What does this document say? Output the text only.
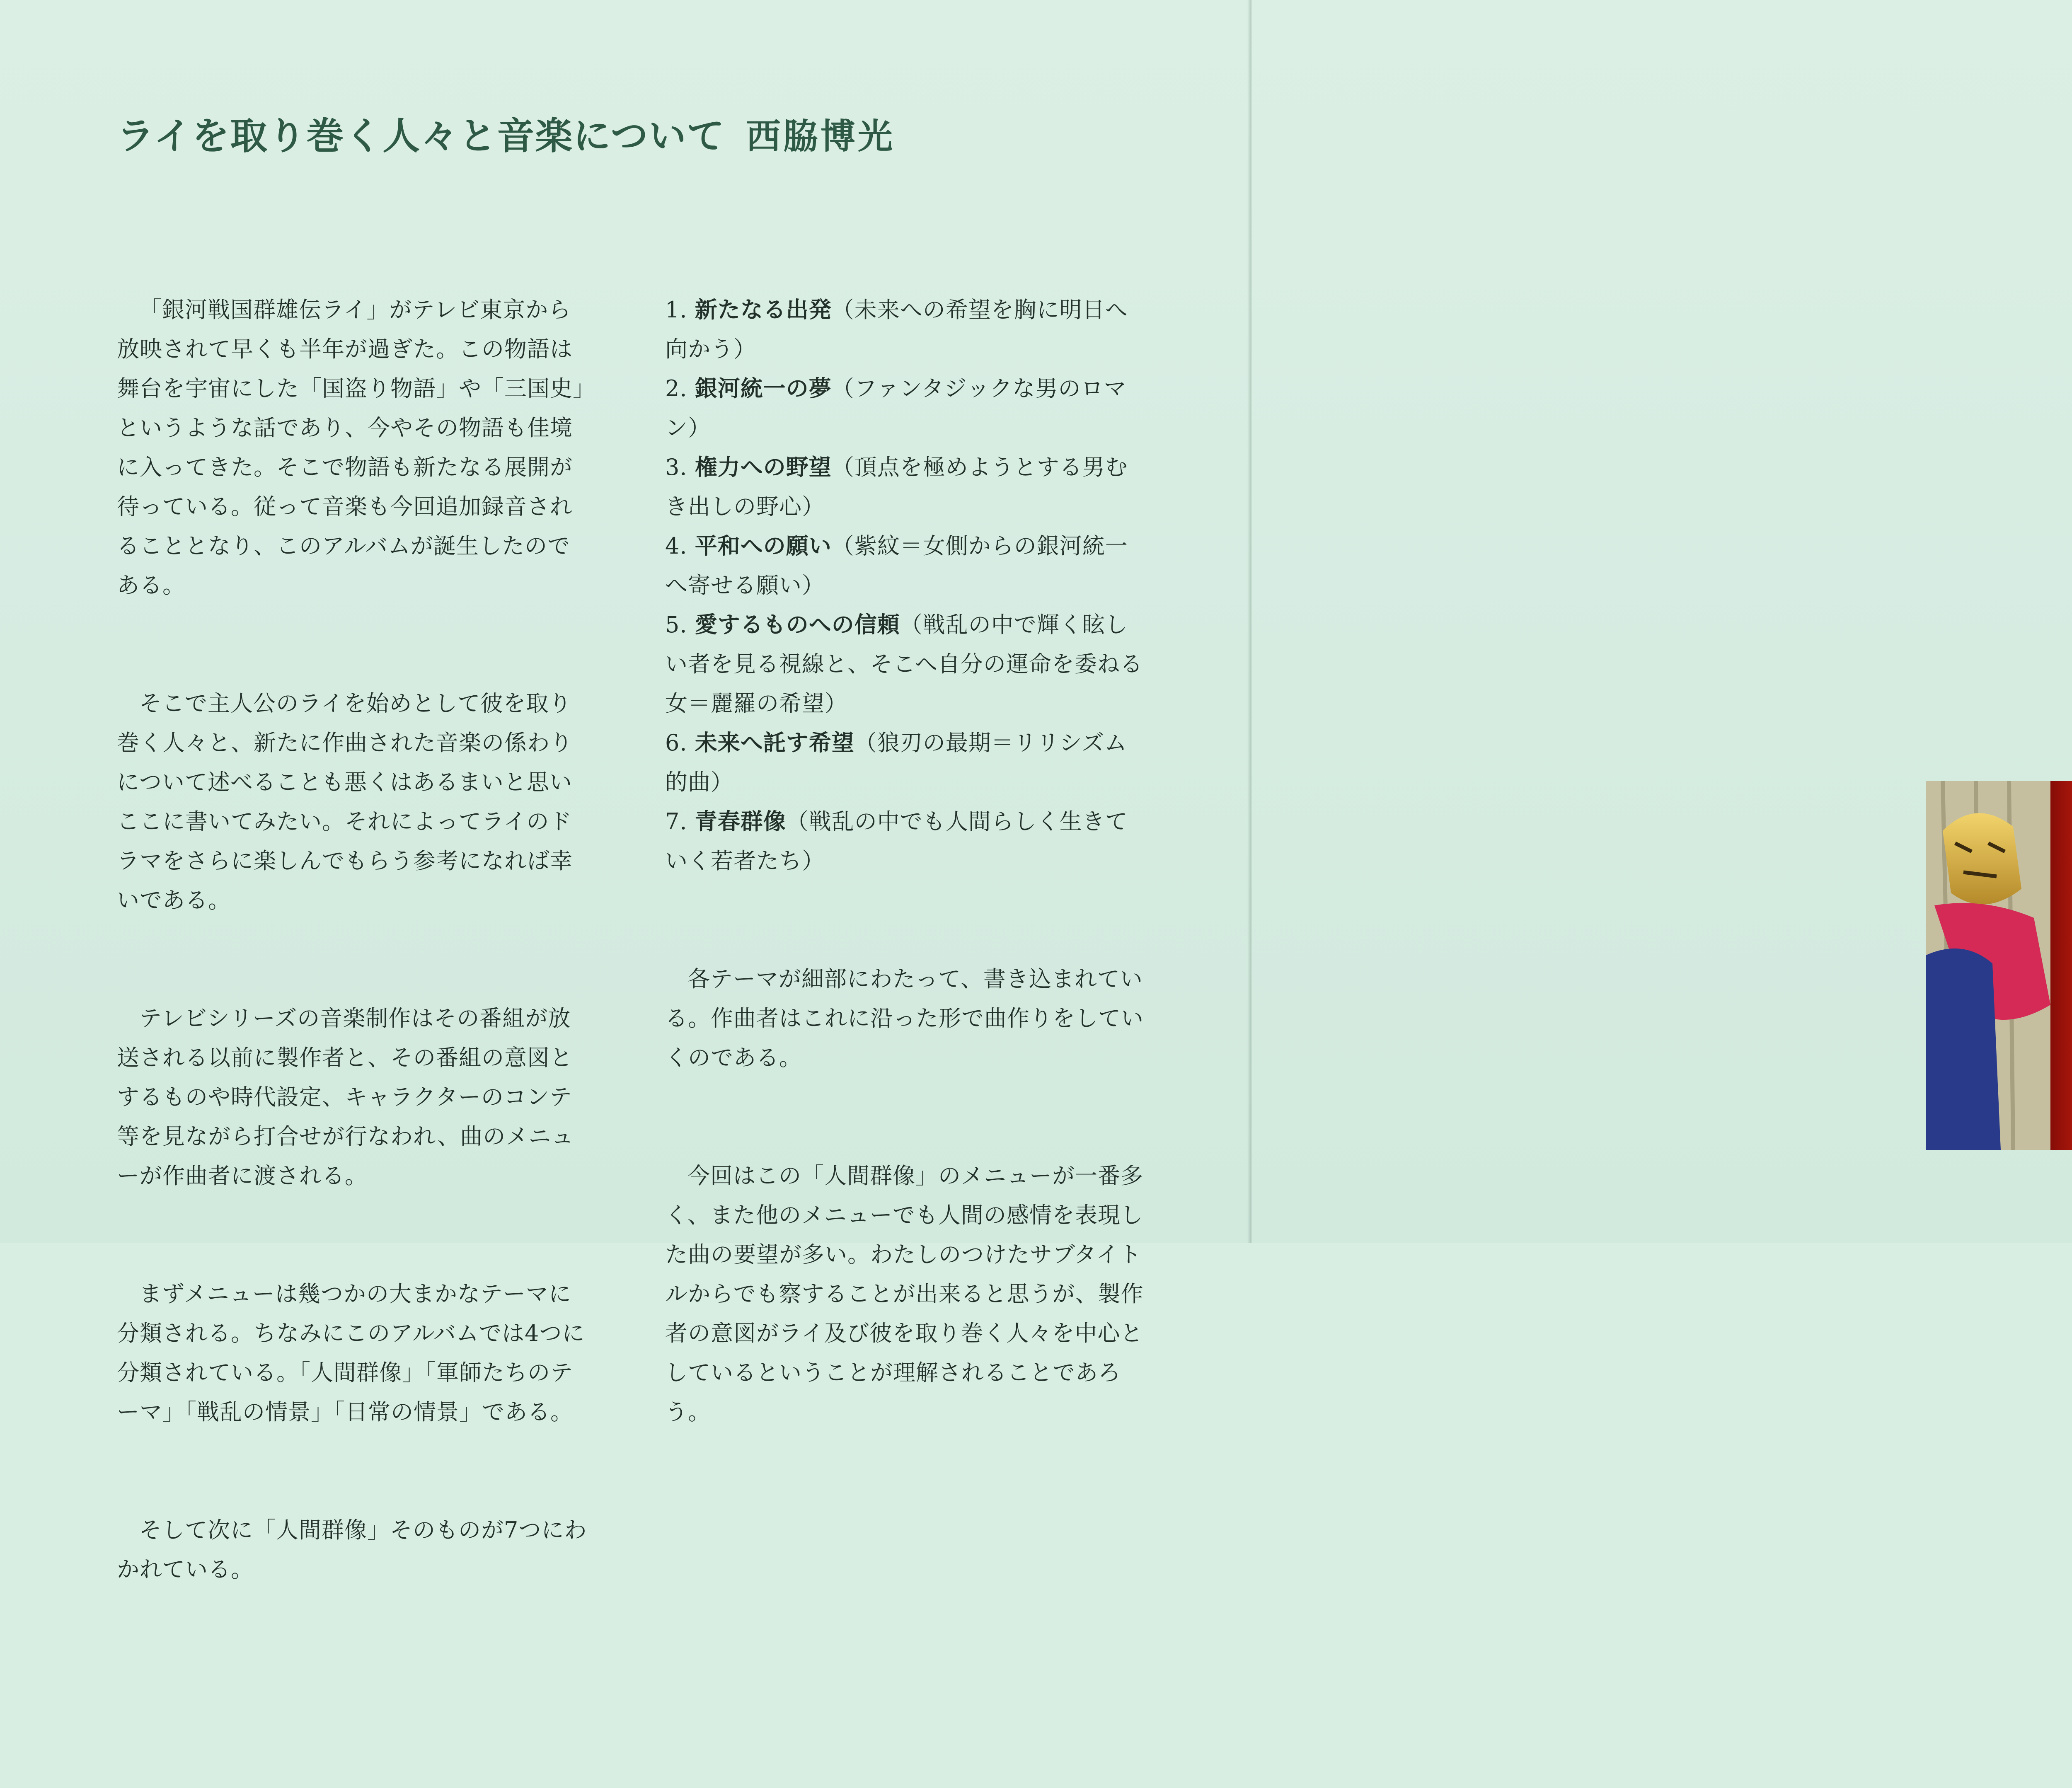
ライを取り巻く人々と音楽について 西脇博光

「銀河戦国群雄伝ライ」がテレビ東京から放映されて早くも半年が過ぎた。この物語は舞台を宇宙にした「国盗り物語」や「三国史」というような話であり、今やその物語も佳境に入ってきた。そこで物語も新たなる展開が待っている。従って音楽も今回追加録音されることとなり、このアルバムが誕生したのである。

そこで主人公のライを始めとして彼を取り巻く人々と、新たに作曲された音楽の係わりについて述べることも悪くはあるまいと思いここに書いてみたい。それによってライのドラマをさらに楽しんでもらう参考になれば幸いである。

テレビシリーズの音楽制作はその番組が放送される以前に製作者と、その番組の意図とするものや時代設定、キャラクターのコンテ等を見ながら打合せが行なわれ、曲のメニューが作曲者に渡される。

まずメニューは幾つかの大まかなテーマに分類される。ちなみにこのアルバムでは4つに分類されている。「人間群像」「軍師たちのテーマ」「戦乱の情景」「日常の情景」である。

そして次に「人間群像」そのものが7つにわかれている。

1. 新たなる出発（未来への希望を胸に明日へ向かう）

2. 銀河統一の夢（ファンタジックな男のロマン）

3. 権力への野望（頂点を極めようとする男むき出しの野心）

4. 平和への願い（紫紋＝女側からの銀河統一へ寄せる願い）

5. 愛するものへの信頼（戦乱の中で輝く眩しい者を見る視線と、そこへ自分の運命を委ねる女＝麗羅の希望）

6. 未来へ託す希望（狼刃の最期＝リリシズム的曲）

7. 青春群像（戦乱の中でも人間らしく生きていく若者たち）

各テーマが細部にわたって、書き込まれている。作曲者はこれに沿った形で曲作りをしていくのである。

今回はこの「人間群像」のメニューが一番多く、また他のメニューでも人間の感情を表現した曲の要望が多い。わたしのつけたサブタイトルからでも察することが出来ると思うが、製作者の意図がライ及び彼を取り巻く人々を中心としているということが理解されることであろう。
